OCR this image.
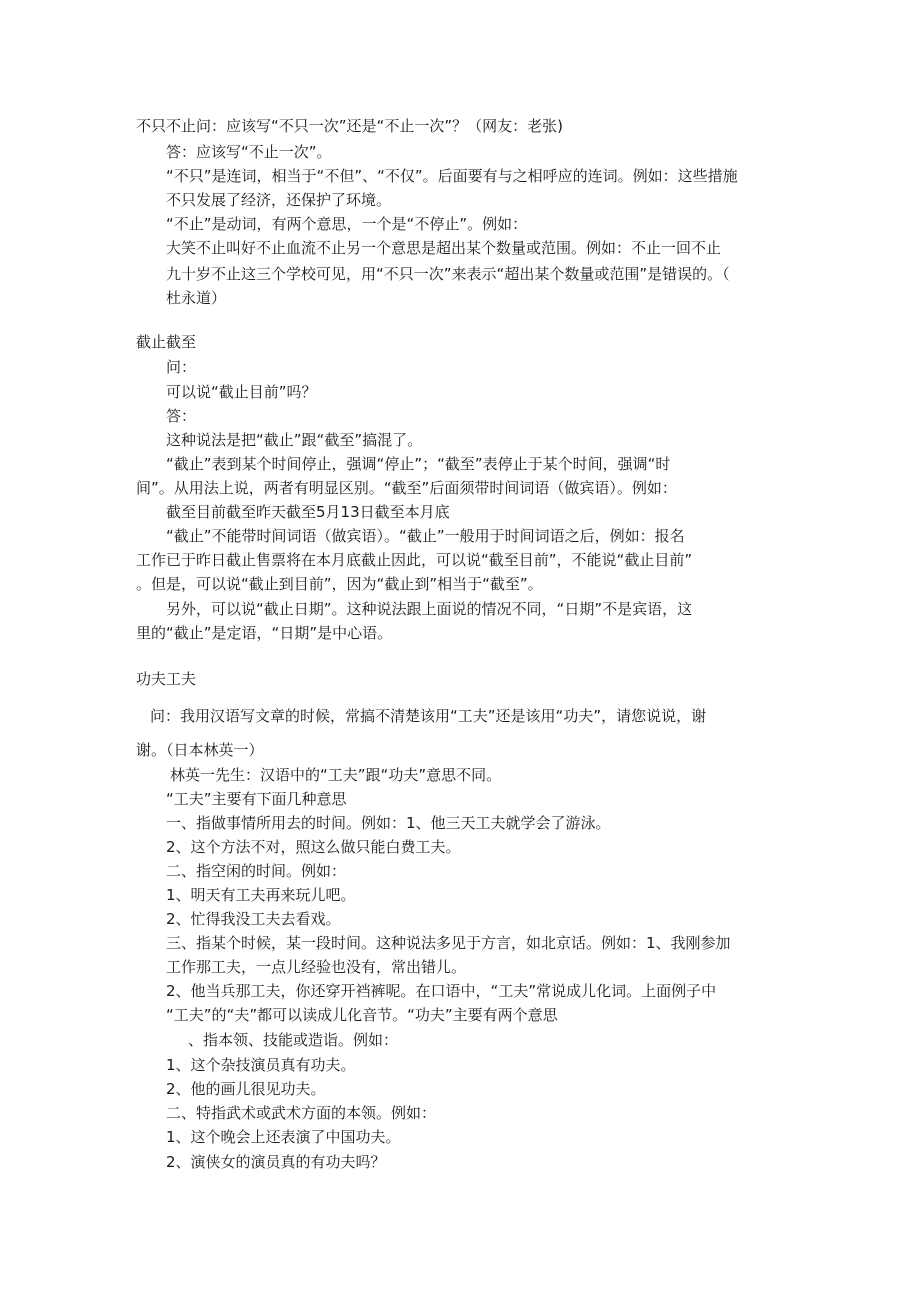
不只不止问：应该写“不只一次”还是“不止一次”？（网友：老张)
答：应该写“不止一次”。
“不只”是连词，相当于“不但”、“不仅”。后面要有与之相呼应的连词。例如：这些措施
不只发展了经济，还保护了环境。
“不止”是动词，有两个意思，一个是“不停止”。例如：
大笑不止叫好不止血流不止另一个意思是超出某个数量或范围。例如：不止一回不止
九十岁不止这三个学校可见，用“不只一次”来表示“超出某个数量或范围”是错误的。（
杜永道）
截止截至
问：
可以说“截止目前”吗？
答：
这种说法是把“截止”跟“截至”搞混了。
“截止”表到某个时间停止，强调“停止”；“截至”表停止于某个时间，强调“时
间”。从用法上说，两者有明显区别。“截至”后面须带时间词语（做宾语）。例如：
截至目前截至昨天截至5月13日截至本月底
“截止”不能带时间词语（做宾语）。“截止”一般用于时间词语之后，例如：报名
工作已于昨日截止售票将在本月底截止因此，可以说“截至目前”，不能说“截止目前”
。但是，可以说“截止到目前”，因为“截止到”相当于“截至”。
另外，可以说“截止日期”。这种说法跟上面说的情况不同，“日期”不是宾语，这
里的“截止”是定语，“日期”是中心语。
功夫工夫
问：我用汉语写文章的时候，常搞不清楚该用“工夫”还是该用“功夫”，请您说说，谢
谢。（日本林英一）
林英一先生：汉语中的“工夫”跟“功夫”意思不同。
“工夫”主要有下面几种意思
一、指做事情所用去的时间。例如：1、他三天工夫就学会了游泳。
2、这个方法不对，照这么做只能白费工夫。
二、指空闲的时间。例如：
1、明天有工夫再来玩儿吧。
2、忙得我没工夫去看戏。
三、指某个时候，某一段时间。这种说法多见于方言，如北京话。例如：1、我刚参加
工作那工夫，一点儿经验也没有，常出错儿。
2、他当兵那工夫，你还穿开裆裤呢。在口语中，“工夫”常说成儿化词。上面例子中
“工夫”的“夫”都可以读成儿化音节。“功夫”主要有两个意思
、指本领、技能或造诣。例如：
1、这个杂技演员真有功夫。
2、他的画儿很见功夫。
二、特指武术或武术方面的本领。例如：
1、这个晚会上还表演了中国功夫。
2、演侠女的演员真的有功夫吗？
